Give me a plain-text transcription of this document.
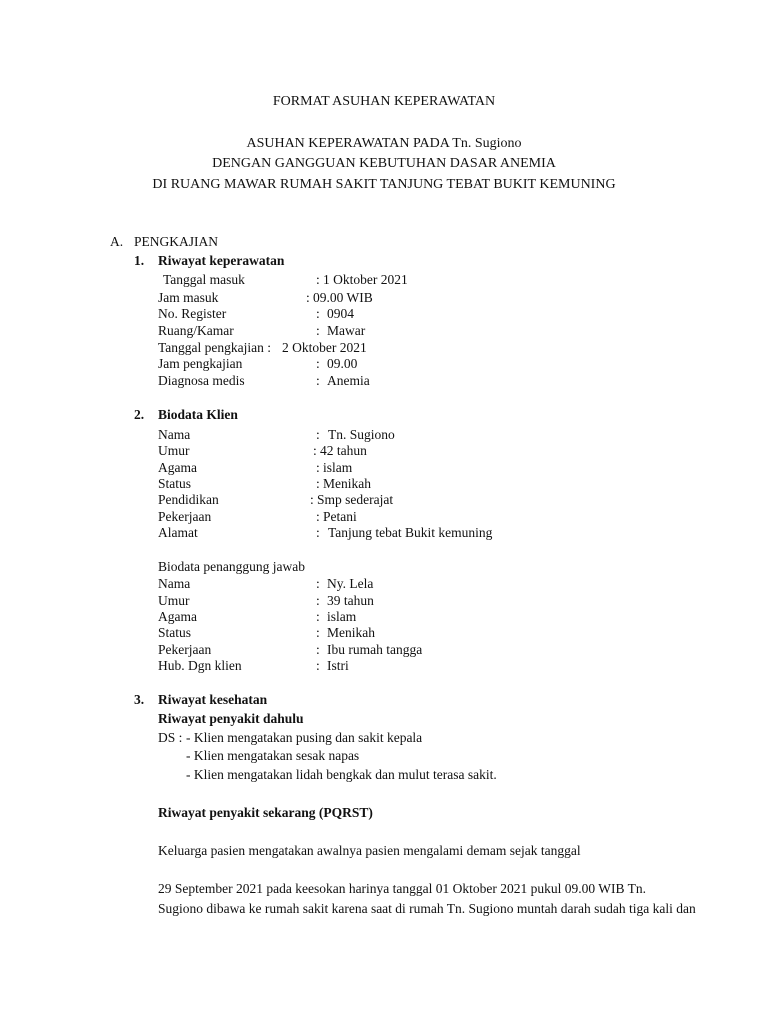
FORMAT ASUHAN KEPERAWATAN
ASUHAN KEPERAWATAN PADA Tn. Sugiono
DENGAN GANGGUAN KEBUTUHAN DASAR ANEMIA
DI RUANG MAWAR RUMAH SAKIT TANJUNG TEBAT BUKIT KEMUNING
A. PENGKAJIAN
1. Riwayat keperawatan
Tanggal masuk	: 1 Oktober 2021
Jam masuk	: 09.00 WIB
No. Register	: 0904
Ruang/Kamar	: Mawar
Tanggal pengkajian : 2 Oktober 2021
Jam pengkajian	: 09.00
Diagnosa medis	: Anemia
2. Biodata Klien
Nama	: Tn. Sugiono
Umur	: 42 tahun
Agama	: islam
Status	: Menikah
Pendidikan	: Smp sederajat
Pekerjaan	: Petani
Alamat	: Tanjung tebat Bukit kemuning
Biodata penanggung jawab
Nama	: Ny. Lela
Umur	: 39 tahun
Agama	: islam
Status	: Menikah
Pekerjaan	: Ibu rumah tangga
Hub. Dgn klien	: Istri
3. Riwayat kesehatan
Riwayat penyakit dahulu
DS : - Klien mengatakan pusing dan sakit kepala
- Klien mengatakan sesak napas
- Klien mengatakan lidah bengkak dan mulut terasa sakit.
Riwayat penyakit sekarang (PQRST)
Keluarga pasien mengatakan awalnya pasien mengalami demam sejak tanggal
29 September 2021 pada keesokan harinya tanggal 01 Oktober 2021 pukul 09.00 WIB Tn.
Sugiono dibawa ke rumah sakit karena saat di rumah Tn. Sugiono muntah darah sudah tiga kali dan
